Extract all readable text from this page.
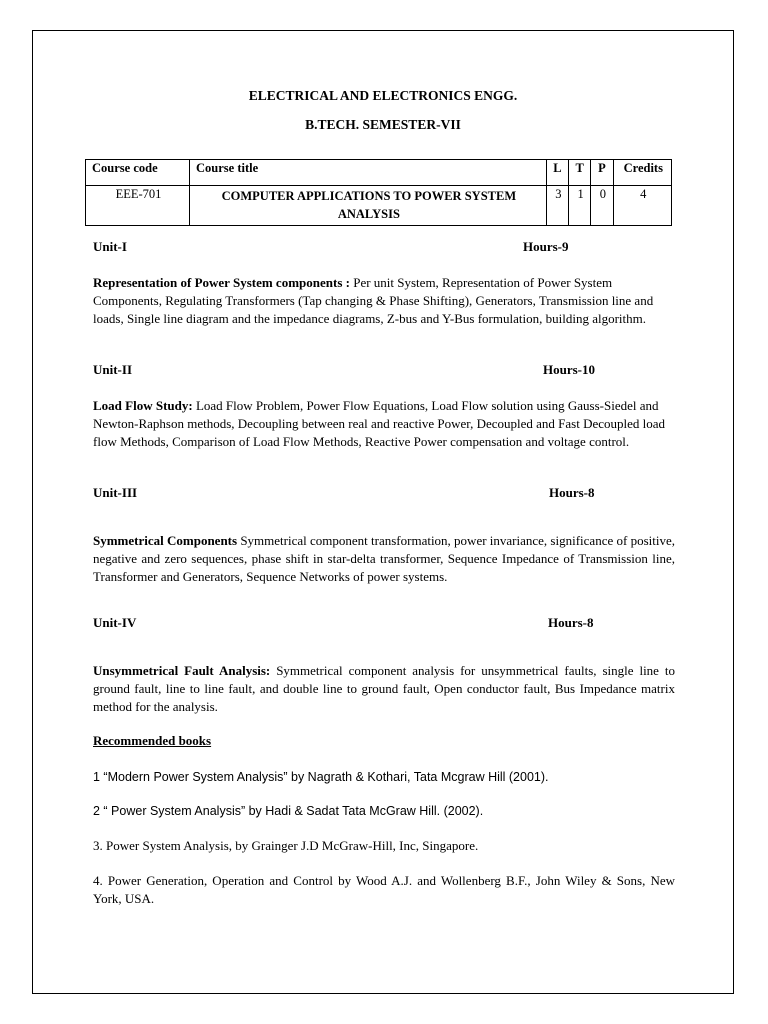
ELECTRICAL AND ELECTRONICS ENGG.
B.TECH. SEMESTER-VII
Course code	Course title	L	T	P	Credits
EEE-701	COMPUTER APPLICATIONS TO POWER SYSTEM ANALYSIS	3	1	0	4
Unit-I	Hours-9
Representation of Power System components : Per unit System, Representation of Power System Components, Regulating Transformers (Tap changing & Phase Shifting), Generators, Transmission line and loads, Single line diagram and the impedance diagrams, Z-bus and Y-Bus formulation, building algorithm.
Unit-II	Hours-10
Load Flow Study: Load Flow Problem, Power Flow Equations, Load Flow solution using Gauss-Siedel and Newton-Raphson methods, Decoupling between real and reactive Power, Decoupled and Fast Decoupled load flow Methods, Comparison of Load Flow Methods, Reactive Power compensation and voltage control.
Unit-III	Hours-8
Symmetrical Components Symmetrical component transformation, power invariance, significance of positive, negative and zero sequences, phase shift in star-delta transformer, Sequence Impedance of Transmission line, Transformer and Generators, Sequence Networks of power systems.
Unit-IV	Hours-8
Unsymmetrical Fault Analysis: Symmetrical component analysis for unsymmetrical faults, single line to ground fault, line to line fault, and double line to ground fault, Open conductor fault, Bus Impedance matrix method for the analysis.
Recommended books
1 “Modern Power System Analysis” by Nagrath & Kothari, Tata Mcgraw Hill (2001).
2 “ Power System Analysis” by Hadi & Sadat Tata McGraw Hill. (2002).
3. Power System Analysis, by Grainger J.D McGraw-Hill, Inc, Singapore.
4. Power Generation, Operation and Control by Wood A.J. and Wollenberg B.F., John Wiley & Sons, New York, USA.
